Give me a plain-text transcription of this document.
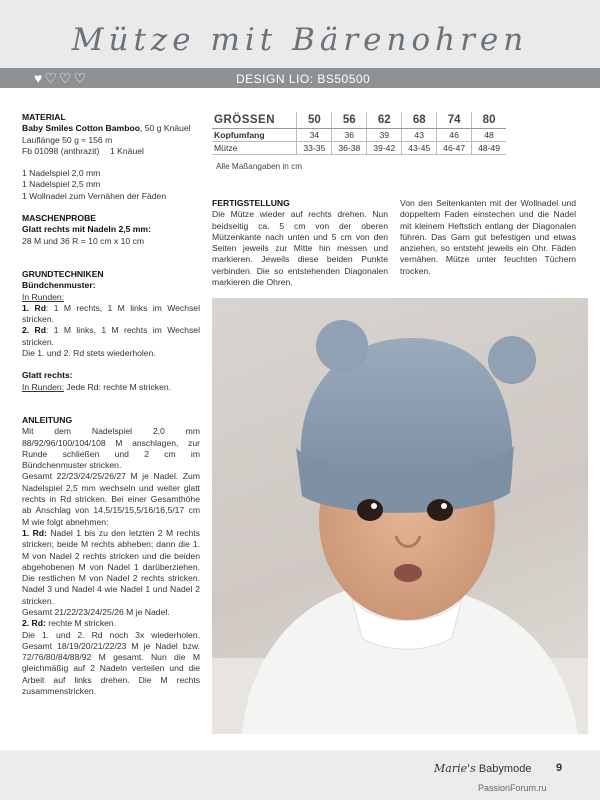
Mütze mit Bärenohren
♥ ♡ ♡ ♡	DESIGN LIO: BS50500

MATERIAL

Baby Smiles Cotton Bamboo, 50 g Knäuel

Lauflänge 50 g ≈ 156 m

Fb 01098 (anthrazit)	1 Knäuel

1 Nadelspiel 2,0 mm

1 Nadelspiel 2,5 mm

1 Wollnadel zum Vernähen der Fäden

MASCHENPROBE

Glatt rechts mit Nadeln 2,5 mm:

28 M und 36 R = 10 cm x 10 cm

GRUNDTECHNIKEN

Bündchenmuster:

In Runden:

1. Rd: 1 M rechts, 1 M links im Wechsel stricken.

2. Rd: 1 M links, 1 M rechts im Wechsel stricken.

Die 1. und 2. Rd stets wiederholen.

Glatt rechts:

In Runden: Jede Rd: rechte M stricken.

ANLEITUNG

Mit dem Nadelspiel 2,0 mm 88/92/96/100/104/108 M anschlagen, zur Runde schließen und 2 cm im Bündchenmuster stricken.

Gesamt 22/23/24/25/26/27 M je Nadel. Zum Nadelspiel 2,5 mm wechseln und weiter glatt rechts in Rd stricken. Bei einer Gesamthöhe ab Anschlag von 14,5/15/15,5/16/16,5/17 cm M wie folgt abnehmen:

1. Rd: Nadel 1 bis zu den letzten 2 M rechts stricken; beide M rechts abheben; dann die 1. M von Nadel 2 rechts stricken und die beiden abgehobenen M von Nadel 1 darüberziehen. Die restlichen M von Nadel 2 rechts stricken. Nadel 3 und Nadel 4 wie Nadel 1 und Nadel 2 stricken.

Gesamt 21/22/23/24/25/26 M je Nadel.

2. Rd: rechte M stricken.

Die 1. und 2. Rd noch 3x wiederholen. Gesamt 18/19/20/21/22/23 M je Nadel bzw. 72/76/80/84/88/92 M gesamt. Nun die M gleichmäßig auf 2 Nadeln verteilen und die Arbeit auf links drehen. Die M rechts zusammenstricken.

GRÖSSEN	50	56	62	68	74	80
Kopfumfang	34	36	39	43	46	48
Mütze	33-35	36-38	39-42	43-45	46-47	48-49
Alle Maßangaben in cm
FERTIGSTELLUNG
Die Mütze wieder auf rechts drehen. Nun beidseitig ca. 5 cm von der oberen Mützenkante nach unten und 5 cm von den Seiten jeweils zur Mitte hin messen und markieren. Jeweils diese beiden Punkte verbinden. Die so entstehenden Diagonalen markieren die Ohren.
Von den Seitenkanten mit der Wollnadel und doppeltem Faden einstechen und die Nadel mit kleinem Heftstich entlang der Diagonalen führen. Das Garn gut befestigen und etwas anziehen, so entsteht jeweils ein Ohr. Fäden vernähen. Mütze unter feuchten Tüchern trocken.
Marie's Babymode 9
PassionForum.ru
